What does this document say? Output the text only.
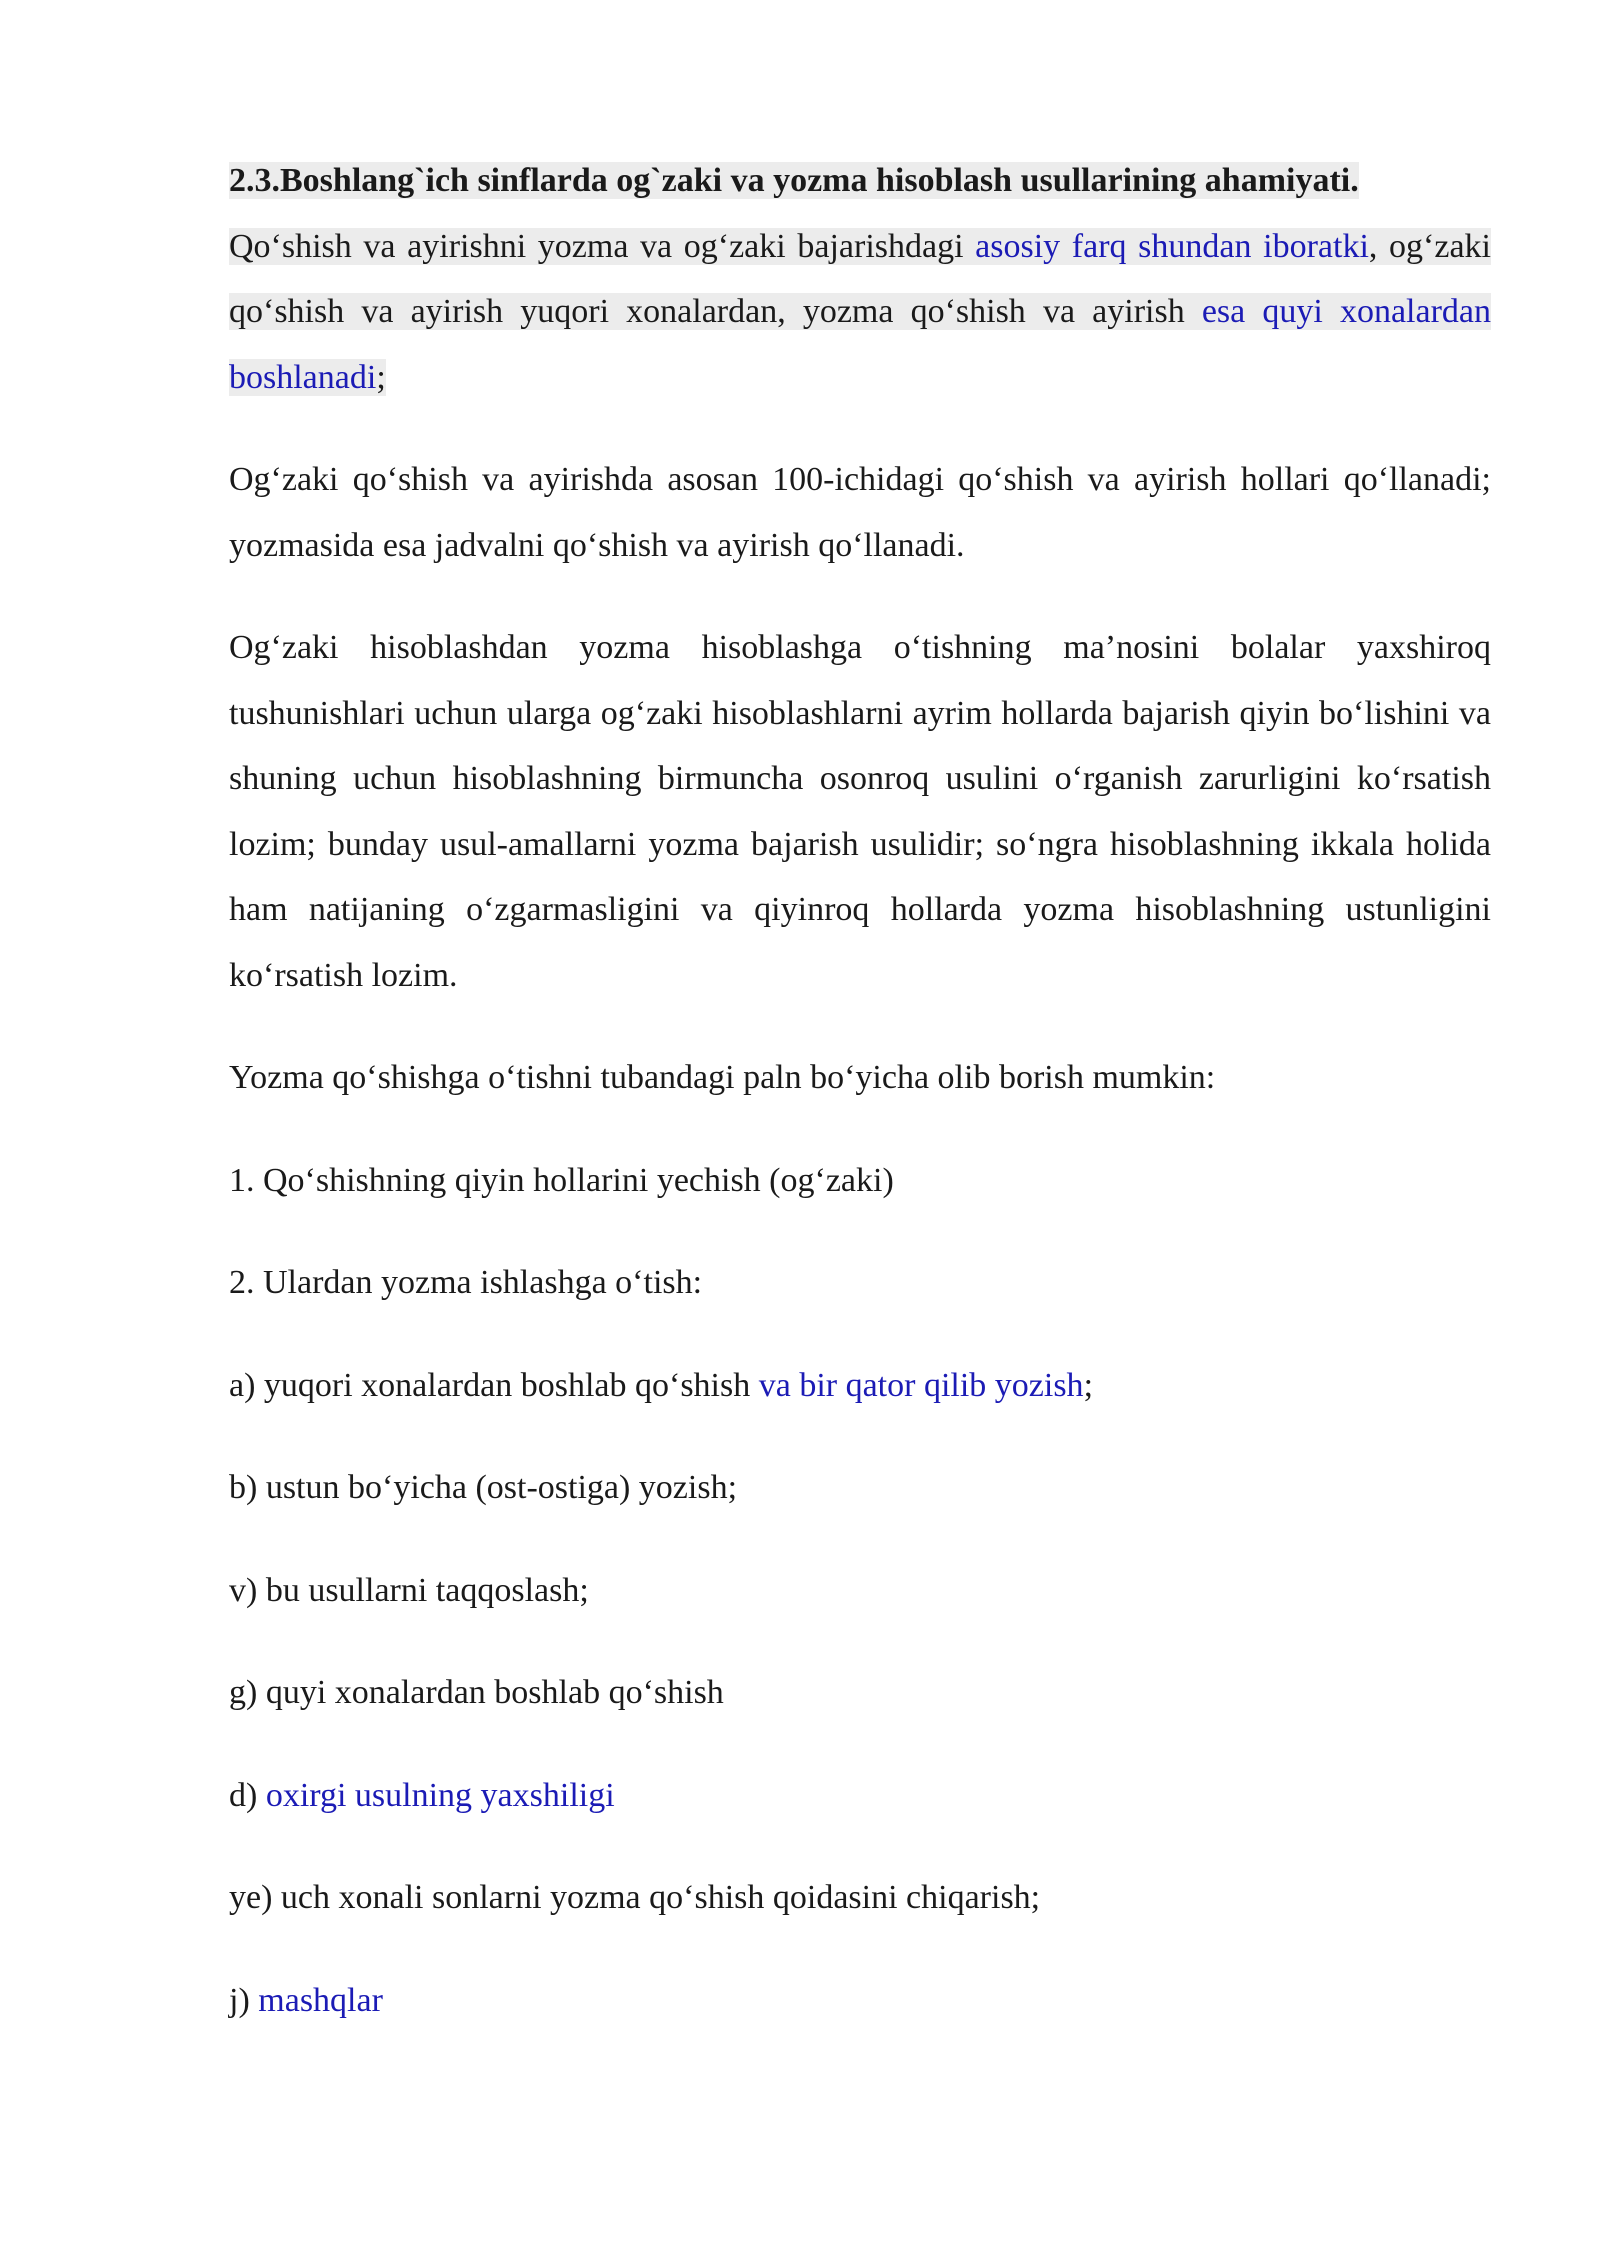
2.3.Boshlang`ich sinflarda og`zaki va yozma hisoblash usullarining ahamiyati.
Qo‘shish va ayirishni yozma va og‘zaki bajarishdagi asosiy farq shundan iboratki, og‘zaki qo‘shish va ayirish yuqori xonalardan, yozma qo‘shish va ayirish esa quyi xonalardan boshlanadi;

Og‘zaki qo‘shish va ayirishda asosan 100-ichidagi qo‘shish va ayirish hollari qo‘llanadi; yozmasida esa jadvalni qo‘shish va ayirish qo‘llanadi.

Og‘zaki hisoblashdan yozma hisoblashga o‘tishning ma’nosini bolalar yaxshiroq tushunishlari uchun ularga og‘zaki hisoblashlarni ayrim hollarda bajarish qiyin bo‘lishini va shuning uchun hisoblashning birmuncha osonroq usulini o‘rganish zarurligini ko‘rsatish lozim; bunday usul-amallarni yozma bajarish usulidir; so‘ngra hisoblashning ikkala holida ham natijaning o‘zgarmasligini va qiyinroq hollarda yozma hisoblashning ustunligini ko‘rsatish lozim.

Yozma qo‘shishga o‘tishni tubandagi paln bo‘yicha olib borish mumkin:

1. Qo‘shishning qiyin hollarini yechish (og‘zaki)

2. Ulardan yozma ishlashga o‘tish:

a) yuqori xonalardan boshlab qo‘shish va bir qator qilib yozish;

b) ustun bo‘yicha (ost-ostiga) yozish;

v) bu usullarni taqqoslash;

g) quyi xonalardan boshlab qo‘shish

d) oxirgi usulning yaxshiligi

ye) uch xonali sonlarni yozma qo‘shish qoidasini chiqarish;

j) mashqlar
